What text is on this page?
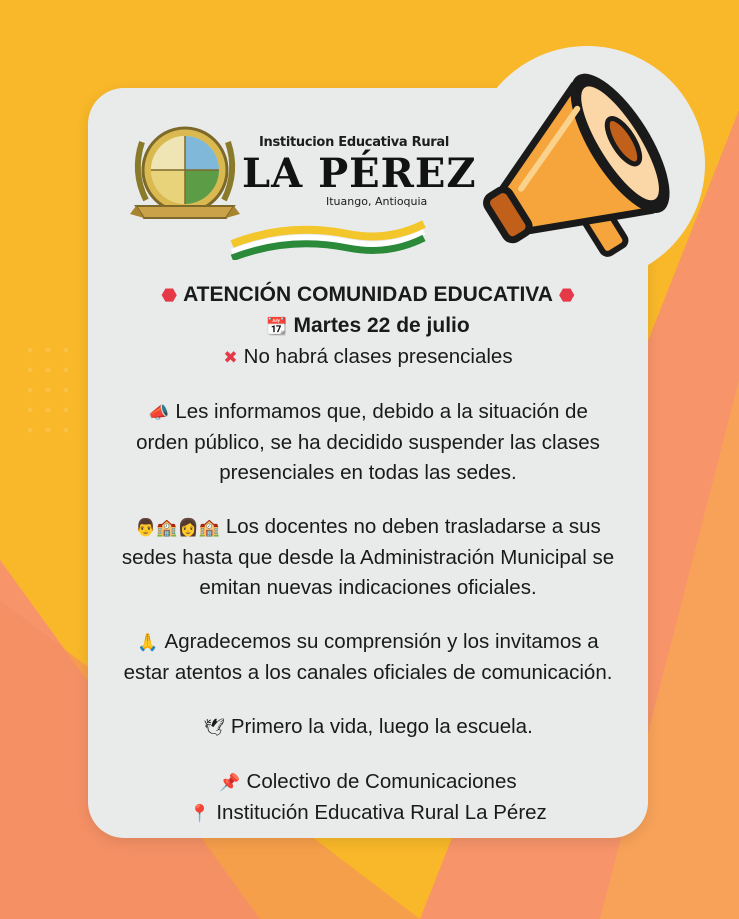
Institucion Educativa Rural
LA PÉREZ
Ituango, Antioquia
⬣ ATENCIÓN COMUNIDAD EDUCATIVA ⬣
📆 Martes 22 de julio
✖ No habrá clases presenciales
📣 Les informamos que, debido a la situación de
orden público, se ha decidido suspender las clases
presenciales en todas las sedes.
👨🏫👩🏫 Los docentes no deben trasladarse a sus
sedes hasta que desde la Administración Municipal se
emitan nuevas indicaciones oficiales.
🙏 Agradecemos su comprensión y los invitamos a
estar atentos a los canales oficiales de comunicación.
🕊 Primero la vida, luego la escuela.
📌 Colectivo de Comunicaciones
📍 Institución Educativa Rural La Pérez
